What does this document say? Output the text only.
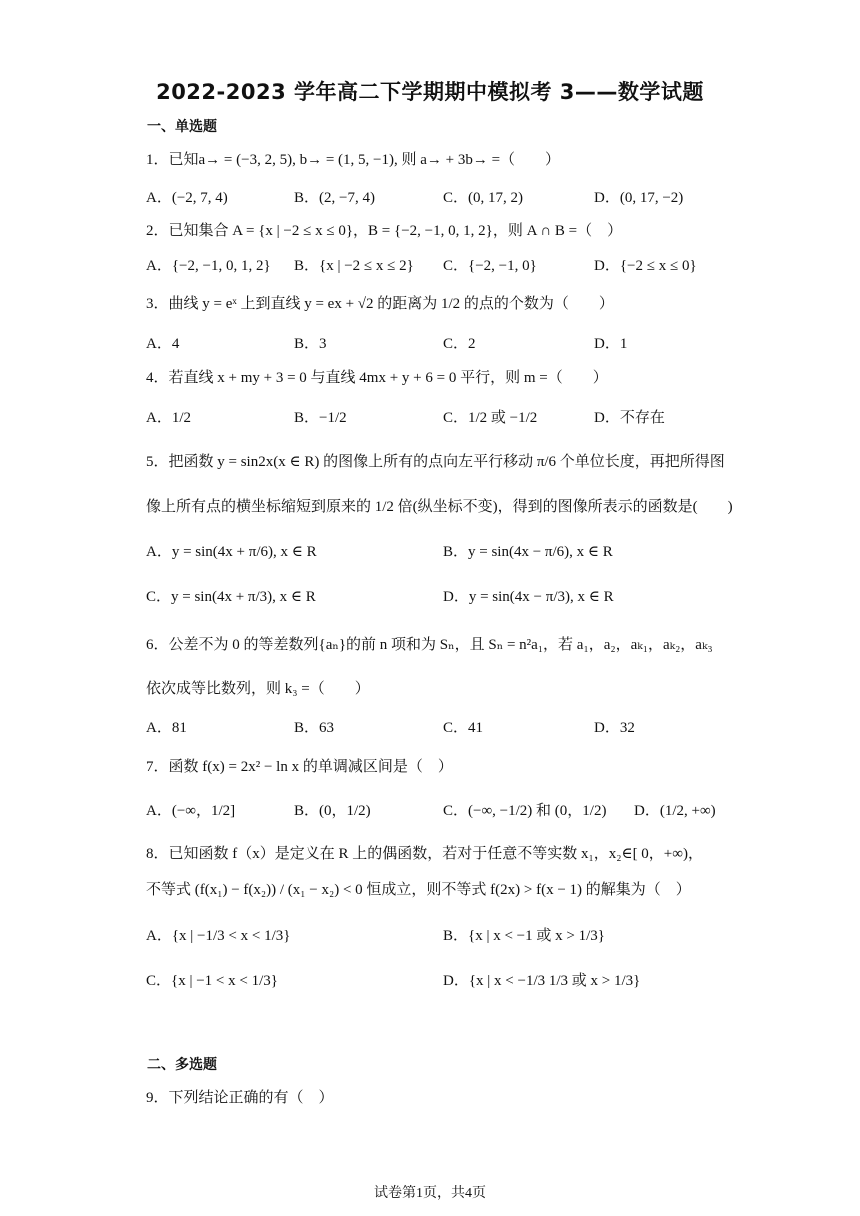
2022-2023 学年高二下学期期中模拟考 3——数学试题
一、单选题
1．已知a→ = (−3, 2, 5), b→ = (1, 5, −1), 则 a→ + 3b→ =（　　）
A．(−2, 7, 4)	B．(2, −7, 4)	C．(0, 17, 2)	D．(0, 17, −2)
2．已知集合 A = {x | −2 ≤ x ≤ 0}，B = {−2, −1, 0, 1, 2}，则 A ∩ B =（　）
A．{−2, −1, 0, 1, 2} B．{x | −2 ≤ x ≤ 2} C．{−2, −1, 0}	D．{−2 ≤ x ≤ 0}
3．曲线 y = eˣ 上到直线 y = ex + √2 的距离为 1/2 的点的个数为（　　）
A．4	B．3	C．2	D．1
4．若直线 x + my + 3 = 0 与直线 4mx + y + 6 = 0 平行，则 m =（　　）
A．1/2	B．−1/2	C．1/2 或 −1/2	D．不存在
5．把函数 y = sin2x(x ∈ R) 的图像上所有的点向左平行移动 π/6 个单位长度，再把所得图
像上所有点的横坐标缩短到原来的 1/2 倍(纵坐标不变)，得到的图像所表示的函数是(　　)
A．y = sin(4x + π/6), x ∈ R	B．y = sin(4x − π/6), x ∈ R
C．y = sin(4x + π/3), x ∈ R	D．y = sin(4x − π/3), x ∈ R
6．公差不为 0 的等差数列{aₙ}的前 n 项和为 Sₙ，且 Sₙ = n²a₁，若 a₁，a₂，aₖ₁，aₖ₂，aₖ₃
依次成等比数列，则 k₃ =（　　）
A．81	B．63	C．41	D．32
7．函数 f(x) = 2x² − ln x 的单调减区间是（　）
A．(−∞，1/2]	B．(0，1/2)	C．(−∞, −1/2) 和 (0，1/2) D．(1/2, +∞)
8．已知函数 f（x）是定义在 R 上的偶函数，若对于任意不等实数 x₁，x₂∈[ 0，+∞)，
不等式 (f(x₁) − f(x₂)) / (x₁ − x₂) < 0 恒成立，则不等式 f(2x) > f(x − 1) 的解集为（　）
A．{x | −1/3 < x < 1/3}	B．{x | x < −1 或 x > 1/3}
C．{x | −1 < x < 1/3}	D．{x | x < −1/3 1/3 或 x > 1/3}
二、多选题
9．下列结论正确的有（　）
试卷第1页，共4页
